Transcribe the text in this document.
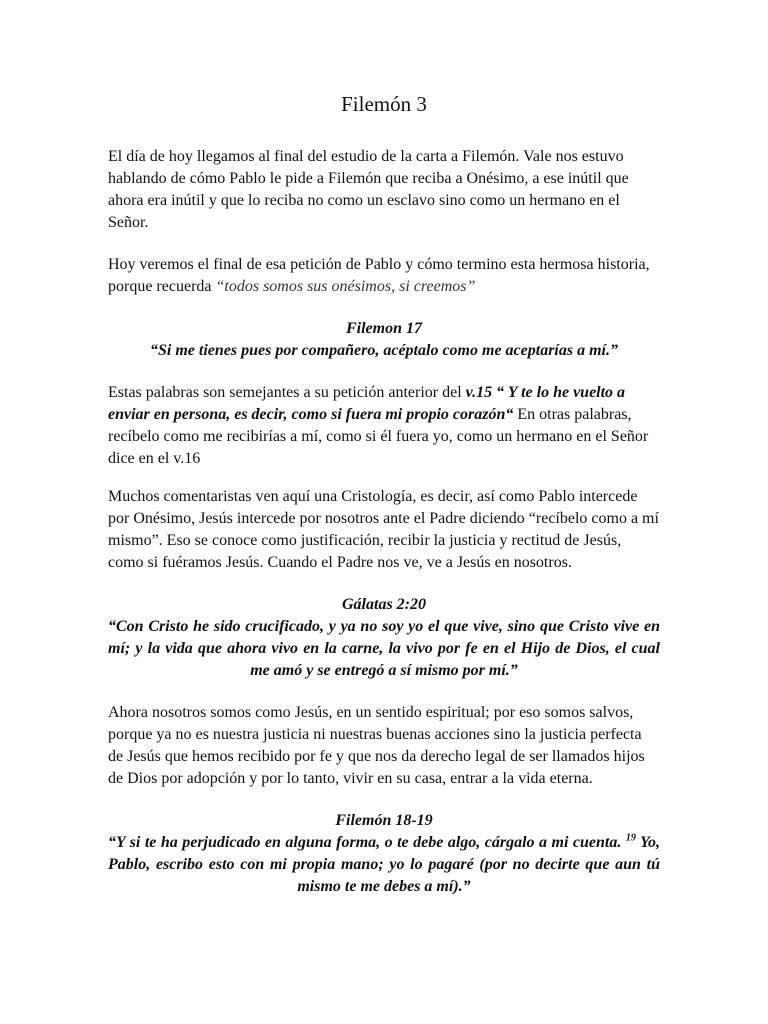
Filemón 3

El día de hoy llegamos al final del estudio de la carta a Filemón. Vale nos estuvo hablando de cómo Pablo le pide a Filemón que reciba a Onésimo, a ese inútil que ahora era inútil y que lo reciba no como un esclavo sino como un hermano en el Señor.

Hoy veremos el final de esa petición de Pablo y cómo termino esta hermosa historia, porque recuerda “todos somos sus onésimos, si creemos”

Filemon 17
“Si me tienes pues por compañero, acéptalo como me aceptarías a mí.”

Estas palabras son semejantes a su petición anterior del v.15 “ Y te lo he vuelto a enviar en persona, es decir, como si fuera mi propio corazón“ En otras palabras, recíbelo como me recibirías a mí, como si él fuera yo, como un hermano en el Señor dice en el v.16

Muchos comentaristas ven aquí una Cristología, es decir, así como Pablo intercede por Onésimo, Jesús intercede por nosotros ante el Padre diciendo “recíbelo como a mí mismo”. Eso se conoce como justificación, recibir la justicia y rectitud de Jesús, como si fuéramos Jesús. Cuando el Padre nos ve, ve a Jesús en nosotros.

Gálatas 2:20
“Con Cristo he sido crucificado, y ya no soy yo el que vive, sino que Cristo vive en mí; y la vida que ahora vivo en la carne, la vivo por fe en el Hijo de Dios, el cual me amó y se entregó a sí mismo por mí.”

Ahora nosotros somos como Jesús, en un sentido espiritual; por eso somos salvos, porque ya no es nuestra justicia ni nuestras buenas acciones sino la justicia perfecta de Jesús que hemos recibido por fe y que nos da derecho legal de ser llamados hijos de Dios por adopción y por lo tanto, vivir en su casa, entrar a la vida eterna.

Filemón 18-19
“Y si te ha perjudicado en alguna forma, o te debe algo, cárgalo a mi cuenta. $^{19}$ Yo, Pablo, escribo esto con mi propia mano; yo lo pagaré (por no decirte que aun tú mismo te me debes a mí).”
